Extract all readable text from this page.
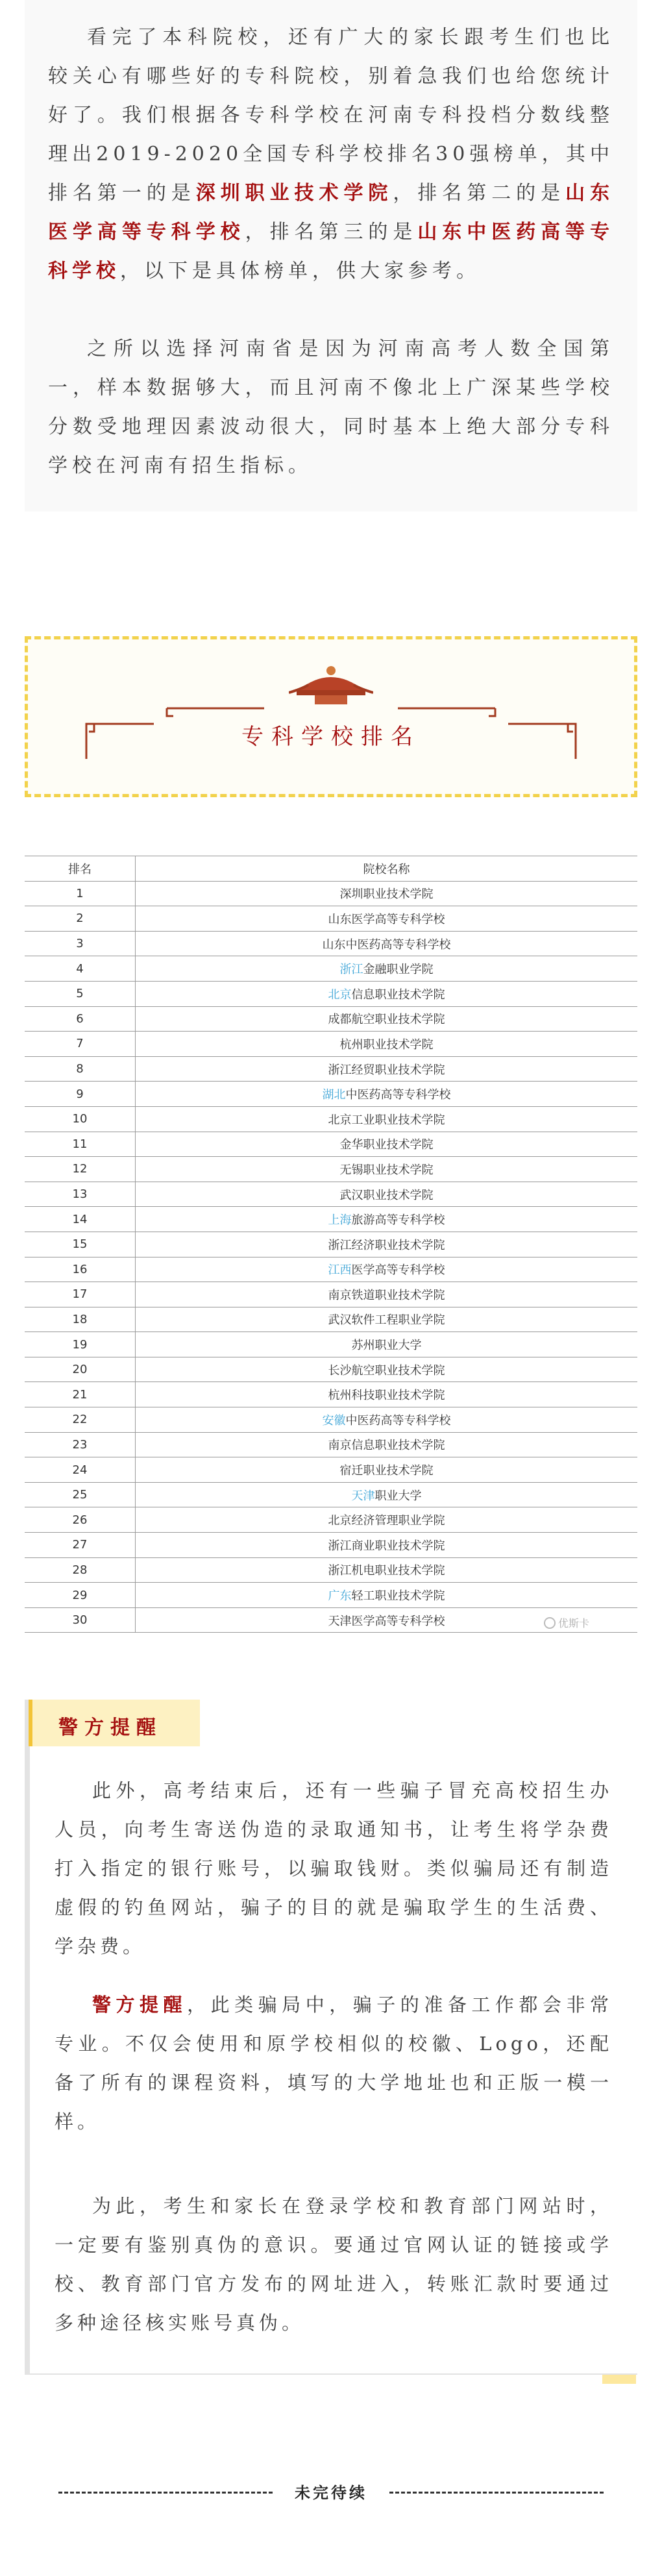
看完了本科院校，还有广大的家长跟考生们也比较关心有哪些好的专科院校，别着急我们也给您统计好了。我们根据各专科学校在河南专科投档分数线整理出2019-2020全国专科学校排名30强榜单，其中排名第一的是深圳职业技术学院，排名第二的是山东医学高等专科学校，排名第三的是山东中医药高等专科学校，以下是具体榜单，供大家参考。

之所以选择河南省是因为河南高考人数全国第一，样本数据够大，而且河南不像北上广深某些学校分数受地理因素波动很大，同时基本上绝大部分专科学校在河南有招生指标。

专科学校排名
排名	院校名称
1	深圳职业技术学院
2	山东医学高等专科学校
3	山东中医药高等专科学校
4	浙江金融职业学院
5	北京信息职业技术学院
6	成都航空职业技术学院
7	杭州职业技术学院
8	浙江经贸职业技术学院
9	湖北中医药高等专科学校
10	北京工业职业技术学院
11	金华职业技术学院
12	无锡职业技术学院
13	武汉职业技术学院
14	上海旅游高等专科学校
15	浙江经济职业技术学院
16	江西医学高等专科学校
17	南京铁道职业技术学院
18	武汉软件工程职业学院
19	苏州职业大学
20	长沙航空职业技术学院
21	杭州科技职业技术学院
22	安徽中医药高等专科学校
23	南京信息职业技术学院
24	宿迁职业技术学院
25	天津职业大学
26	北京经济管理职业学院
27	浙江商业职业技术学院
28	浙江机电职业技术学院
29	广东轻工职业技术学院
30	天津医学高等专科学校	优斯卡
警方提醒

此外，高考结束后，还有一些骗子冒充高校招生办人员，向考生寄送伪造的录取通知书，让考生将学杂费打入指定的银行账号，以骗取钱财。类似骗局还有制造虚假的钓鱼网站，骗子的目的就是骗取学生的生活费、学杂费。

警方提醒，此类骗局中，骗子的准备工作都会非常专业。不仅会使用和原学校相似的校徽、Logo，还配备了所有的课程资料，填写的大学地址也和正版一模一样。

为此，考生和家长在登录学校和教育部门网站时，一定要有鉴别真伪的意识。要通过官网认证的链接或学校、教育部门官方发布的网址进入，转账汇款时要通过多种途径核实账号真伪。

未完待续
